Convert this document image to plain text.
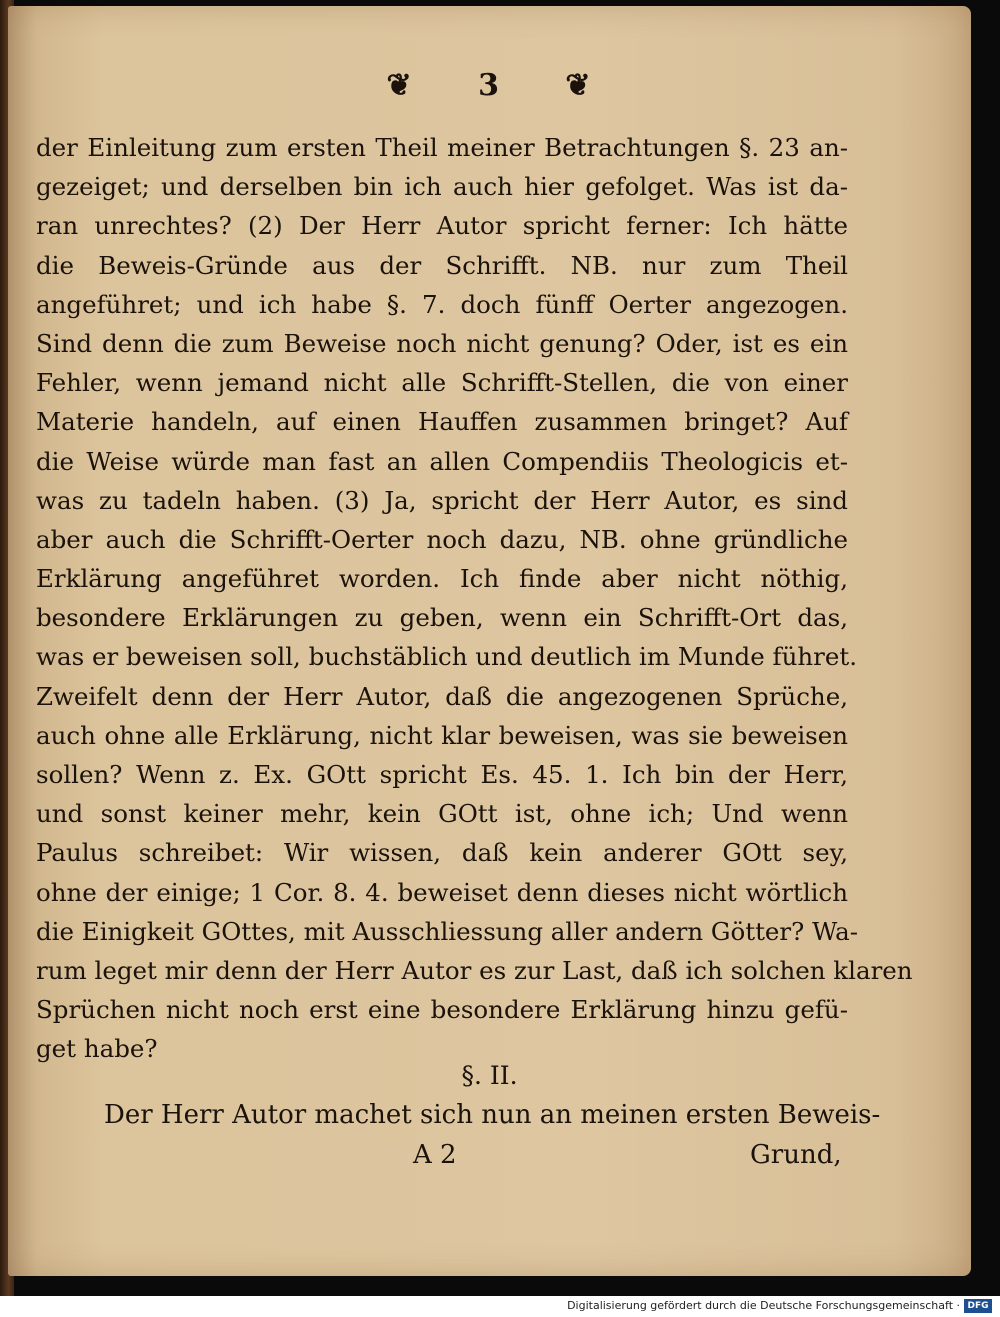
❦ 3 ❦
der Einleitung zum ersten Theil meiner Betrachtungen §. 23 an-
gezeiget; und derselben bin ich auch hier gefolget. Was ist da-
ran unrechtes? (2) Der Herr Autor spricht ferner: Ich hätte
die Beweis-Gründe aus der Schrifft. NB. nur zum Theil
angeführet; und ich habe §. 7. doch fünff Oerter angezogen.
Sind denn die zum Beweise noch nicht genung? Oder, ist es ein
Fehler, wenn jemand nicht alle Schrifft-Stellen, die von einer
Materie handeln, auf einen Hauffen zusammen bringet? Auf
die Weise würde man fast an allen Compendiis Theologicis et-
was zu tadeln haben. (3) Ja, spricht der Herr Autor, es sind
aber auch die Schrifft-Oerter noch dazu, NB. ohne gründliche
Erklärung angeführet worden. Ich finde aber nicht nöthig,
besondere Erklärungen zu geben, wenn ein Schrifft-Ort das,
was er beweisen soll, buchstäblich und deutlich im Munde führet.
Zweifelt denn der Herr Autor, daß die angezogenen Sprüche,
auch ohne alle Erklärung, nicht klar beweisen, was sie beweisen
sollen? Wenn z. Ex. GOtt spricht Es. 45. 1. Ich bin der Herr,
und sonst keiner mehr, kein GOtt ist, ohne ich; Und wenn
Paulus schreibet: Wir wissen, daß kein anderer GOtt sey,
ohne der einige; 1 Cor. 8. 4. beweiset denn dieses nicht wörtlich
die Einigkeit GOttes, mit Ausschliessung aller andern Götter? Wa-
rum leget mir denn der Herr Autor es zur Last, daß ich solchen klaren
Sprüchen nicht noch erst eine besondere Erklärung hinzu gefü-
get habe?
§. II.
Der Herr Autor machet sich nun an meinen ersten Beweis-
A 2	Grund,
Digitalisierung gefördert durch die Deutsche Forschungsgemeinschaft · DFG
